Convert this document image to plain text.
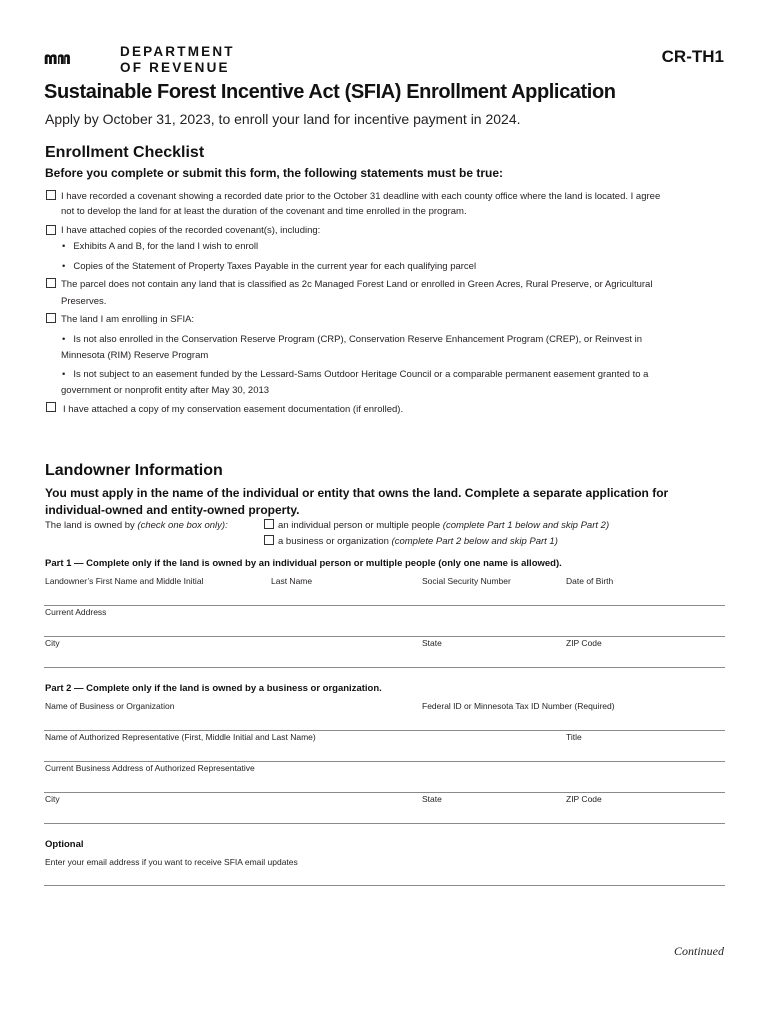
DEPARTMENT
OF REVENUE
CR-TH1
Sustainable Forest Incentive Act (SFIA) Enrollment Application
Apply by October 31, 2023, to enroll your land for incentive payment in 2024.
Enrollment Checklist
Before you complete or submit this form, the following statements must be true:
I have recorded a covenant showing a recorded date prior to the October 31 deadline with each county office where the land is located. I agree
not to develop the land for at least the duration of the covenant and time enrolled in the program.
I have attached copies of the recorded covenant(s), including:
• Exhibits A and B, for the land I wish to enroll
• Copies of the Statement of Property Taxes Payable in the current year for each qualifying parcel
The parcel does not contain any land that is classified as 2c Managed Forest Land or enrolled in Green Acres, Rural Preserve, or Agricultural
Preserves.
The land I am enrolling in SFIA:
• Is not also enrolled in the Conservation Reserve Program (CRP), Conservation Reserve Enhancement Program (CREP), or Reinvest in
Minnesota (RIM) Reserve Program
• Is not subject to an easement funded by the Lessard-Sams Outdoor Heritage Council or a comparable permanent easement granted to a
government or nonprofit entity after May 30, 2013
I have attached a copy of my conservation easement documentation (if enrolled).
Landowner Information
You must apply in the name of the individual or entity that owns the land. Complete a separate application for
individual-owned and entity-owned property.
The land is owned by (check one box only):	an individual person or multiple people (complete Part 1 below and skip Part 2)
a business or organization (complete Part 2 below and skip Part 1)
Part 1 — Complete only if the land is owned by an individual person or multiple people (only one name is allowed).
Landowner’s First Name and Middle Initial	Last Name	Social Security Number	Date of Birth
Current Address
City	State	ZIP Code
Part 2 — Complete only if the land is owned by a business or organization.
Name of Business or Organization	Federal ID or Minnesota Tax ID Number (Required)
Name of Authorized Representative (First, Middle Initial and Last Name)	Title
Current Business Address of Authorized Representative
City	State	ZIP Code
Optional
Enter your email address if you want to receive SFIA email updates
Continued
